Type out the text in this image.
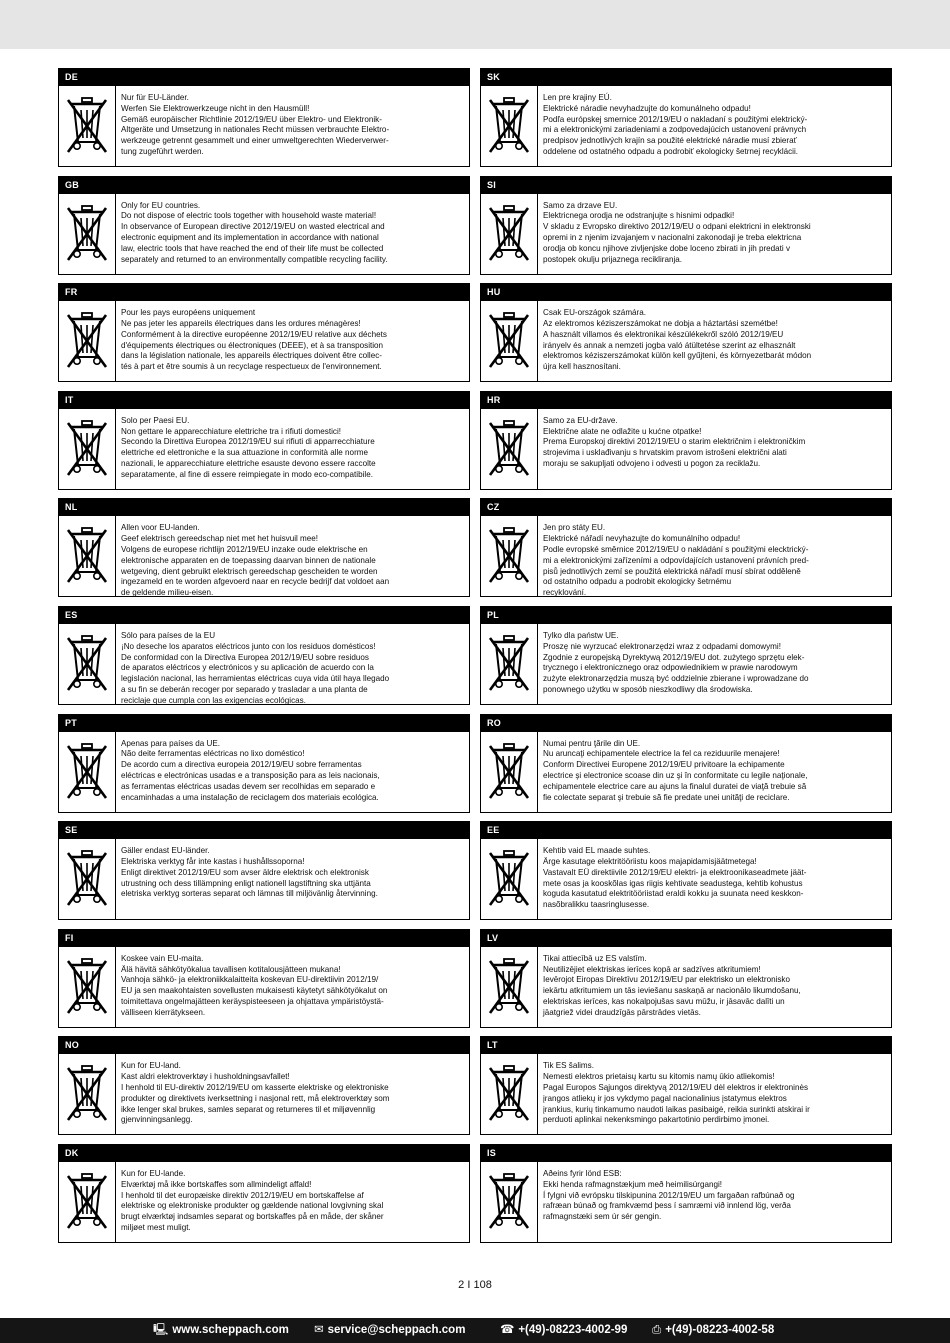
DE
Nur für EU-Länder.
Werfen Sie Elektrowerkzeuge nicht in den Hausmüll!
Gemäß europäischer Richtlinie 2012/19/EU über Elektro- und Elektronik-
Altgeräte und Umsetzung in nationales Recht müssen verbrauchte Elektro-
werkzeuge getrennt gesammelt und einer umweltgerechten Wiederverwer-
tung zugeführt werden.
GB
Only for EU countries.
Do not dispose of electric tools together with household waste material!
In observance of European directive 2012/19/EU on wasted electrical and
electronic equipment and its implementation in accordance with national
law, electric tools that have reached the end of their life must be collected
separately and returned to an environmentally compatible recycling facility.
FR
Pour les pays européens uniquement
Ne pas jeter les appareils électriques dans les ordures ménagères!
Conformément à la directive européenne 2012/19/EU relative aux déchets
d'équipements électriques ou électroniques (DEEE), et à sa transposition
dans la législation nationale, les appareils électriques doivent être collec-
tés à part et être soumis à un recyclage respectueux de l'environnement.
IT
Solo per Paesi EU.
Non gettare le apparecchiature elettriche tra i rifiuti domestici!
Secondo la Direttiva Europea 2012/19/EU sui rifiuti di apparrecchiature
elettriche ed elettroniche e la sua attuazione in conformità alle norme
nazionali, le apparecchiature elettriche esauste devono essere raccolte
separatamente, al fine di essere reimpiegate in modo eco-compatibile.
NL
Allen voor EU-landen.
Geef elektrisch gereedschap niet met het huisvuil mee!
Volgens de europese richtlijn 2012/19/EU inzake oude elektrische en
elektronische apparaten en de toepassing daarvan binnen de nationale
wetgeving, dient gebruikt elektrisch gereedschap gescheiden te worden
ingezameld en te worden afgevoerd naar en recycle bedrijf dat voldoet aan
de geldende milieu-eisen.
ES
Sólo para países de la EU
¡No deseche los aparatos eléctricos junto con los residuos domésticos!
De conformidad con la Directiva Europea 2012/19/EU sobre residuos
de aparatos eléctricos y electrónicos y su aplicación de acuerdo con la
legislación nacional, las herramientas eléctricas cuya vida útil haya llegado
a su fin se deberán recoger por separado y trasladar a una planta de
reciclaje que cumpla con las exigencias ecológicas.
PT
Apenas para países da UE.
Não deite ferramentas eléctricas no lixo doméstico!
De acordo cum a directiva europeia 2012/19/EU sobre ferramentas
eléctricas e electrónicas usadas e a transposição para as leis nacionais,
as ferramentas eléctricas usadas devem ser recolhidas em separado e
encaminhadas a uma instalação de reciclagem dos materiais ecológica.
SE
Gäller endast EU-länder.
Elektriska verktyg får inte kastas i hushållssoporna!
Enligt direktivet 2012/19/EU som avser äldre elektrisk och elektronisk
utrustning och dess tillämpning enligt nationell lagstiftning ska uttjänta
eletriska verktyg sorteras separat och lämnas till miljövänlig återvinning.
FI
Koskee vain EU-maita.
Älä hävitä sähkötyökalua tavallisen kotitalousjätteen mukana!
Vanhoja sähkö- ja elektroniikkalaitteita koskevan EU-direktiivin 2012/19/
EU ja sen maakohtaisten sovellusten mukaisesti käytetyt sähkötyökalut on
toimitettava ongelmajätteen keräyspisteeseen ja ohjattava ympäristöystä-
välliseen kierrätykseen.
NO
Kun for EU-land.
Kast aldri elektroverktøy i husholdningsavfallet!
I henhold til EU-direktiv 2012/19/EU om kasserte elektriske og elektroniske
produkter og direktivets iverksettning i nasjonal rett, må elektroverktøy som
ikke lenger skal brukes, samles separat og returneres til et miljøvennlig
gjenvinningsanlegg.
DK
Kun for EU-lande.
Elværktøj må ikke bortskaffes som allmindeligt affald!
I henhold til det europæiske direktiv 2012/19/EU em bortskaffelse af
elektriske og elektroniske produkter og gældende national lovgivning skal
brugt elværktøj indsamles separat og bortskaffes på en måde, der skåner
miljøet mest muligt.
SK
Len pre krajiny EÚ.
Elektrické náradie nevyhadzujte do komunálneho odpadu!
Podľa európskej smernice 2012/19/EU o nakladaní s použitými elektrický-
mi a elektronickými zariadeniami a zodpovedajúcich ustanovení právnych
predpisov jednotlivých krajín sa použité elektrické náradie musí zbierať
oddelene od ostatného odpadu a podrobiť ekologicky šetrnej recyklácii.
SI
Samo za drzave EU.
Elektricnega orodja ne odstranjujte s hisnimi odpadki!
V skladu z Evropsko direktivo 2012/19/EU o odpani elektricni in elektronski
opremi in z njenim izvajanjem v nacionalni zakonodaji je treba elektricna
orodja ob koncu njihove zivljenjske dobe loceno zbirati in jih predati v
postopek okulju prijaznega recikliranja.
HU
Csak EU-országok számára.
Az elektromos kéziszerszámokat ne dobja a háztartási szemétbe!
A használt villamos és elektronikai készülékekről szóló 2012/19/EU
irányelv és annak a nemzeti jogba való átültetése szerint az elhasznált
elektromos kéziszerszámokat külön kell gyűjteni, és környezetbarát módon
újra kell hasznosítani.
HR
Samo za EU-države.
Električne alate ne odlažite u kućne otpatke!
Prema Europskoj direktivi 2012/19/EU o starim električnim i elektroničkim
strojevima i usklađivanju s hrvatskim pravom istrošeni električni alati
moraju se sakupljati odvojeno i odvesti u pogon za reciklažu.
CZ
Jen pro státy EU.
Elektrické nářadí nevyhazujte do komunálního odpadu!
Podle evropské směrnice 2012/19/EU o nakládání s použitými elecktrický-
mi a elektronickými zařízeními a odpovídajících ustanovení právních pred-
pisů jednotlivých zemí se použitá elektrická nářadí musí sbírat odděleně
od ostatního odpadu a podrobit ekologicky šetrnému
recyklování.
PL
Tylko dla państw UE.
Proszę nie wyrzucać elektronarzędzi wraz z odpadami domowymi!
Zgodnie z europejską Dyrektywą 2012/19/EU dot. zużytego sprzętu elek-
trycznego i elektronicznego oraz odpowiednikiem w prawie narodowym
zużyte elektronarzędzia muszą być oddzielnie zbierane i wprowadzane do
ponownego użytku w sposób nieszkodliwy dla środowiska.
RO
Numai pentru ţările din UE.
Nu aruncaţi echipamentele electrice la fel ca reziduurile menajere!
Conform Directivei Europene 2012/19/EU privitoare la echipamente
electrice şi electronice scoase din uz şi în conformitate cu legile naţionale,
echipamentele electrice care au ajuns la finalul duratei de viaţă trebuie să
fie colectate separat şi trebuie să fie predate unei unităţi de reciclare.
EE
Kehtib vaid EL maade suhtes.
Ärge kasutage elektritööriistu koos majapidamisjäätmetega!
Vastavalt EÜ direktiivile 2012/19/EU elektri- ja elektroonikaseadmete jäät-
mete osas ja kooskõlas igas riigis kehtivate seadustega, kehtib kohustus
koguda kasutatud elektritööriistad eraldi kokku ja suunata need keskkon-
nasõbralikku taasringlusesse.
LV
Tikai attiecībā uz ES valstīm.
Neutilizējiet elektriskas ierīces kopā ar sadzīves atkritumiem!
Ievērojot Eiropas Direktīvu 2012/19/EU par elektrisko un elektronisko
iekārtu atkritumiem un tās ieviešanu saskaņā ar nacionālo likumdošanu,
elektriskas ierīces, kas nokalpojušas savu mūžu, ir jāsavāc dalīti un
jāatgriež videi draudzīgās pārstrādes vietās.
LT
Tik ES šalims.
Nemesti elektros prietaisų kartu su kitomis namų ūkio atliekomis!
Pagal Europos Sąjungos direktyvą 2012/19/EU dėl elektros ir elektroninės
įrangos atliekų ir jos vykdymo pagal nacionalinius įstatymus elektros
įrankius, kurių tinkamumo naudoti laikas pasibaigė, reikia surinkti atskirai ir
perduoti aplinkai nekenksmingo pakartotinio perdirbimo įmonei.
IS
Aðeins fyrir lönd ESB:
Ekki henda rafmagnstækjum með heimilisúrgangi!
Í fylgni við evrópsku tilskipunina 2012/19/EU um fargaðan rafbúnað og
rafræan búnað og framkvæmd þess í samræmi við innlend lög, verða
rafmagnstæki sem úr sér gengin.
2 I 108
🖳 www.scheppach.com ✉ service@scheppach.com	☎ +(49)-08223-4002-99 ⎙ +(49)-08223-4002-58
